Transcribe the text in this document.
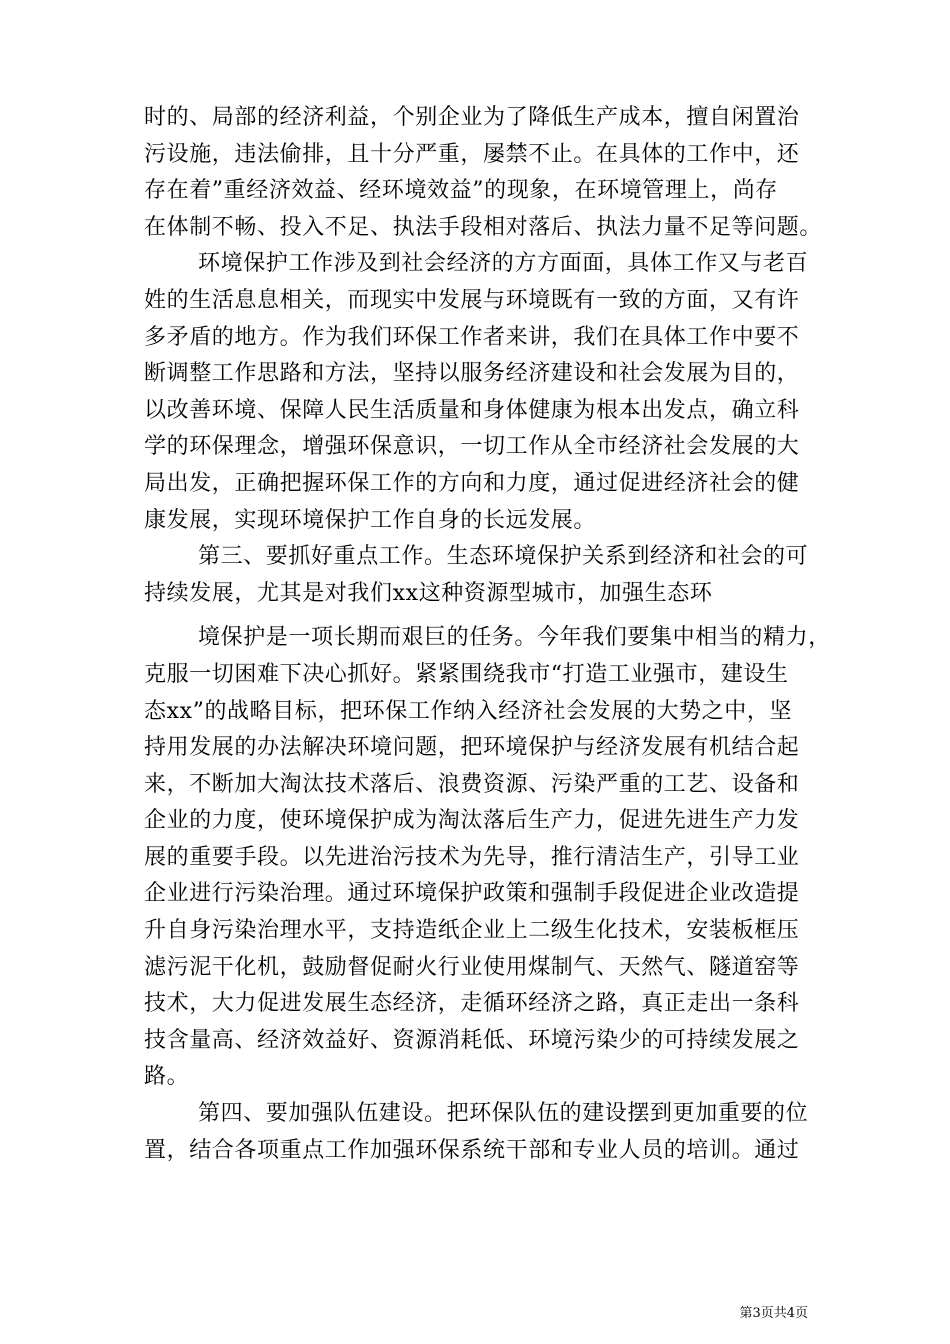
时的、局部的经济利益，个别企业为了降低生产成本，擅自闲置治
污设施，违法偷排，且十分严重，屡禁不止。在具体的工作中，还
存在着”重经济效益、经环境效益”的现象，在环境管理上，尚存
在体制不畅、投入不足、执法手段相对落后、执法力量不足等问题。
环境保护工作涉及到社会经济的方方面面，具体工作又与老百
姓的生活息息相关，而现实中发展与环境既有一致的方面，又有许
多矛盾的地方。作为我们环保工作者来讲，我们在具体工作中要不
断调整工作思路和方法，坚持以服务经济建设和社会发展为目的，
以改善环境、保障人民生活质量和身体健康为根本出发点，确立科
学的环保理念，增强环保意识，一切工作从全市经济社会发展的大
局出发，正确把握环保工作的方向和力度，通过促进经济社会的健
康发展，实现环境保护工作自身的长远发展。
第三、要抓好重点工作。生态环境保护关系到经济和社会的可
持续发展，尤其是对我们xx这种资源型城市，加强生态环
境保护是一项长期而艰巨的任务。今年我们要集中相当的精力，
克服一切困难下决心抓好。紧紧围绕我市“打造工业强市，建设生
态xx”的战略目标，把环保工作纳入经济社会发展的大势之中，坚
持用发展的办法解决环境问题，把环境保护与经济发展有机结合起
来，不断加大淘汰技术落后、浪费资源、污染严重的工艺、设备和
企业的力度，使环境保护成为淘汰落后生产力，促进先进生产力发
展的重要手段。以先进治污技术为先导，推行清洁生产，引导工业
企业进行污染治理。通过环境保护政策和强制手段促进企业改造提
升自身污染治理水平，支持造纸企业上二级生化技术，安装板框压
滤污泥干化机，鼓励督促耐火行业使用煤制气、天然气、隧道窑等
技术，大力促进发展生态经济，走循环经济之路，真正走出一条科
技含量高、经济效益好、资源消耗低、环境污染少的可持续发展之
路。
第四、要加强队伍建设。把环保队伍的建设摆到更加重要的位
置，结合各项重点工作加强环保系统干部和专业人员的培训。通过
第3页共4页
